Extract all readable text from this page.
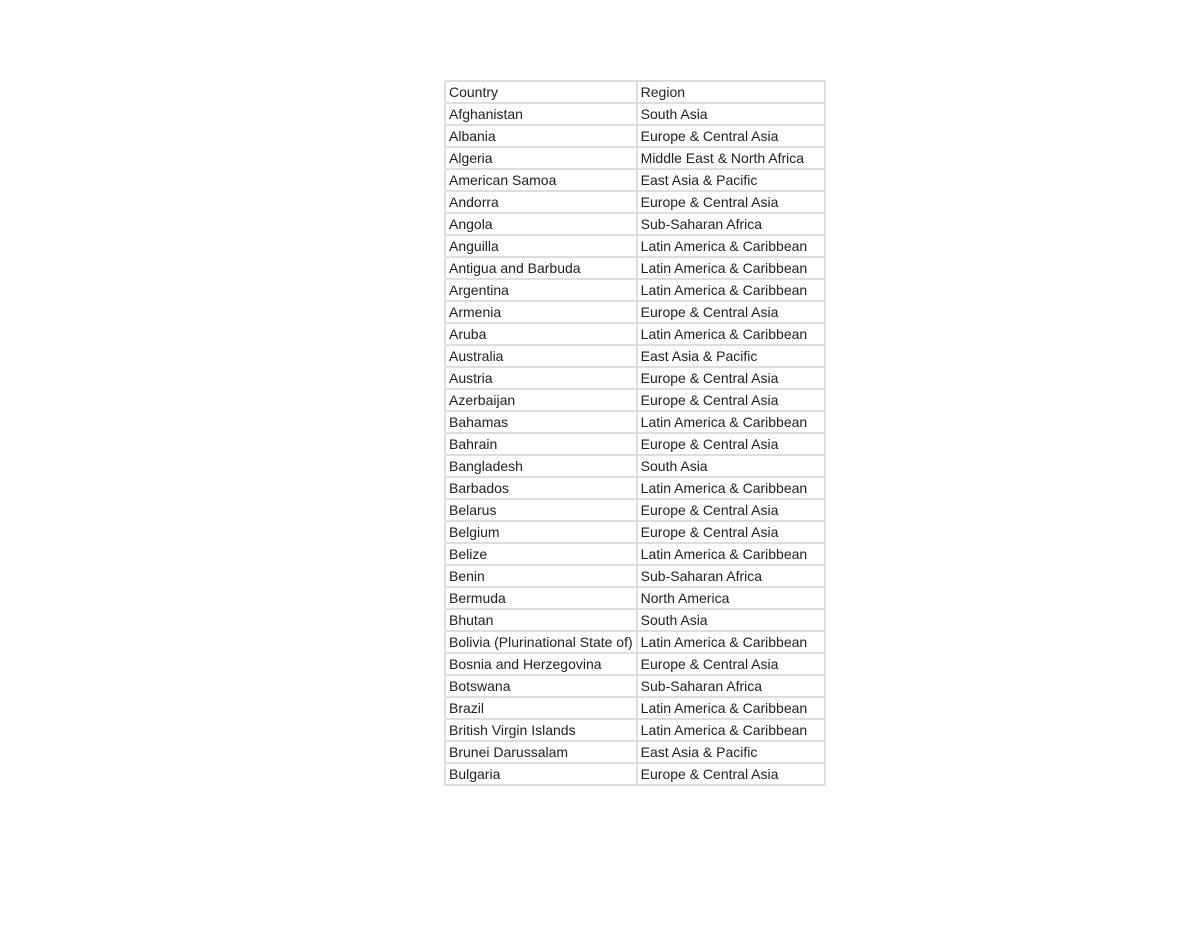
Country	Region
Afghanistan	South Asia
Albania	Europe & Central Asia
Algeria	Middle East & North Africa
American Samoa	East Asia & Pacific
Andorra	Europe & Central Asia
Angola	Sub-Saharan Africa
Anguilla	Latin America & Caribbean
Antigua and Barbuda	Latin America & Caribbean
Argentina	Latin America & Caribbean
Armenia	Europe & Central Asia
Aruba	Latin America & Caribbean
Australia	East Asia & Pacific
Austria	Europe & Central Asia
Azerbaijan	Europe & Central Asia
Bahamas	Latin America & Caribbean
Bahrain	Europe & Central Asia
Bangladesh	South Asia
Barbados	Latin America & Caribbean
Belarus	Europe & Central Asia
Belgium	Europe & Central Asia
Belize	Latin America & Caribbean
Benin	Sub-Saharan Africa
Bermuda	North America
Bhutan	South Asia
Bolivia (Plurinational State of)	Latin America & Caribbean
Bosnia and Herzegovina	Europe & Central Asia
Botswana	Sub-Saharan Africa
Brazil	Latin America & Caribbean
British Virgin Islands	Latin America & Caribbean
Brunei Darussalam	East Asia & Pacific
Bulgaria	Europe & Central Asia
